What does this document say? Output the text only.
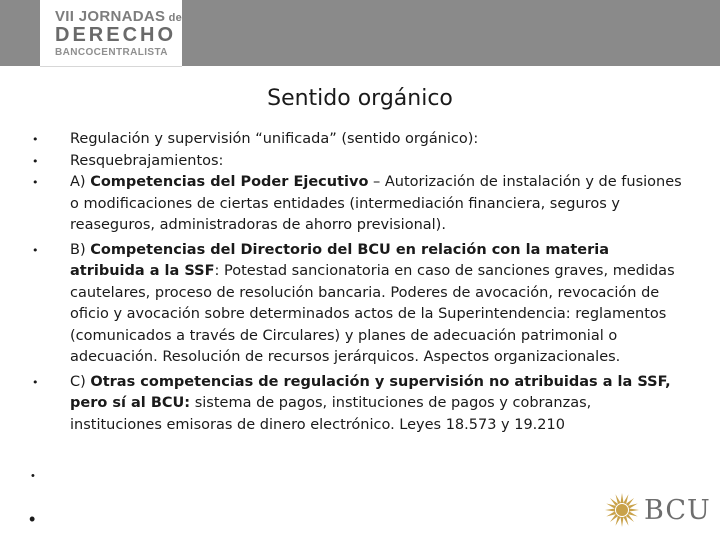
VII JORNADAS de
DERECHO
BANCOCENTRALISTA
Sentido orgánico
• Regulación y supervisión “unificada” (sentido orgánico):
• Resquebrajamientos:
• A) Competencias del Poder Ejecutivo – Autorización de instalación y de fusiones o modificaciones de ciertas entidades (intermediación financiera, seguros y reaseguros, administradoras de ahorro previsional).
• B) Competencias del Directorio del BCU en relación con la materia atribuida a la SSF: Potestad sancionatoria en caso de sanciones graves, medidas cautelares, proceso de resolución bancaria. Poderes de avocación, revocación de oficio y avocación sobre determinados actos de la Superintendencia: reglamentos (comunicados a través de Circulares) y planes de adecuación patrimonial o adecuación. Resolución de recursos jerárquicos. Aspectos organizacionales.
• C) Otras competencias de regulación y supervisión no atribuidas a la SSF, pero sí al BCU: sistema de pagos, instituciones de pagos y cobranzas, instituciones emisoras de dinero electrónico. Leyes 18.573 y 19.210
•
•	BCU
